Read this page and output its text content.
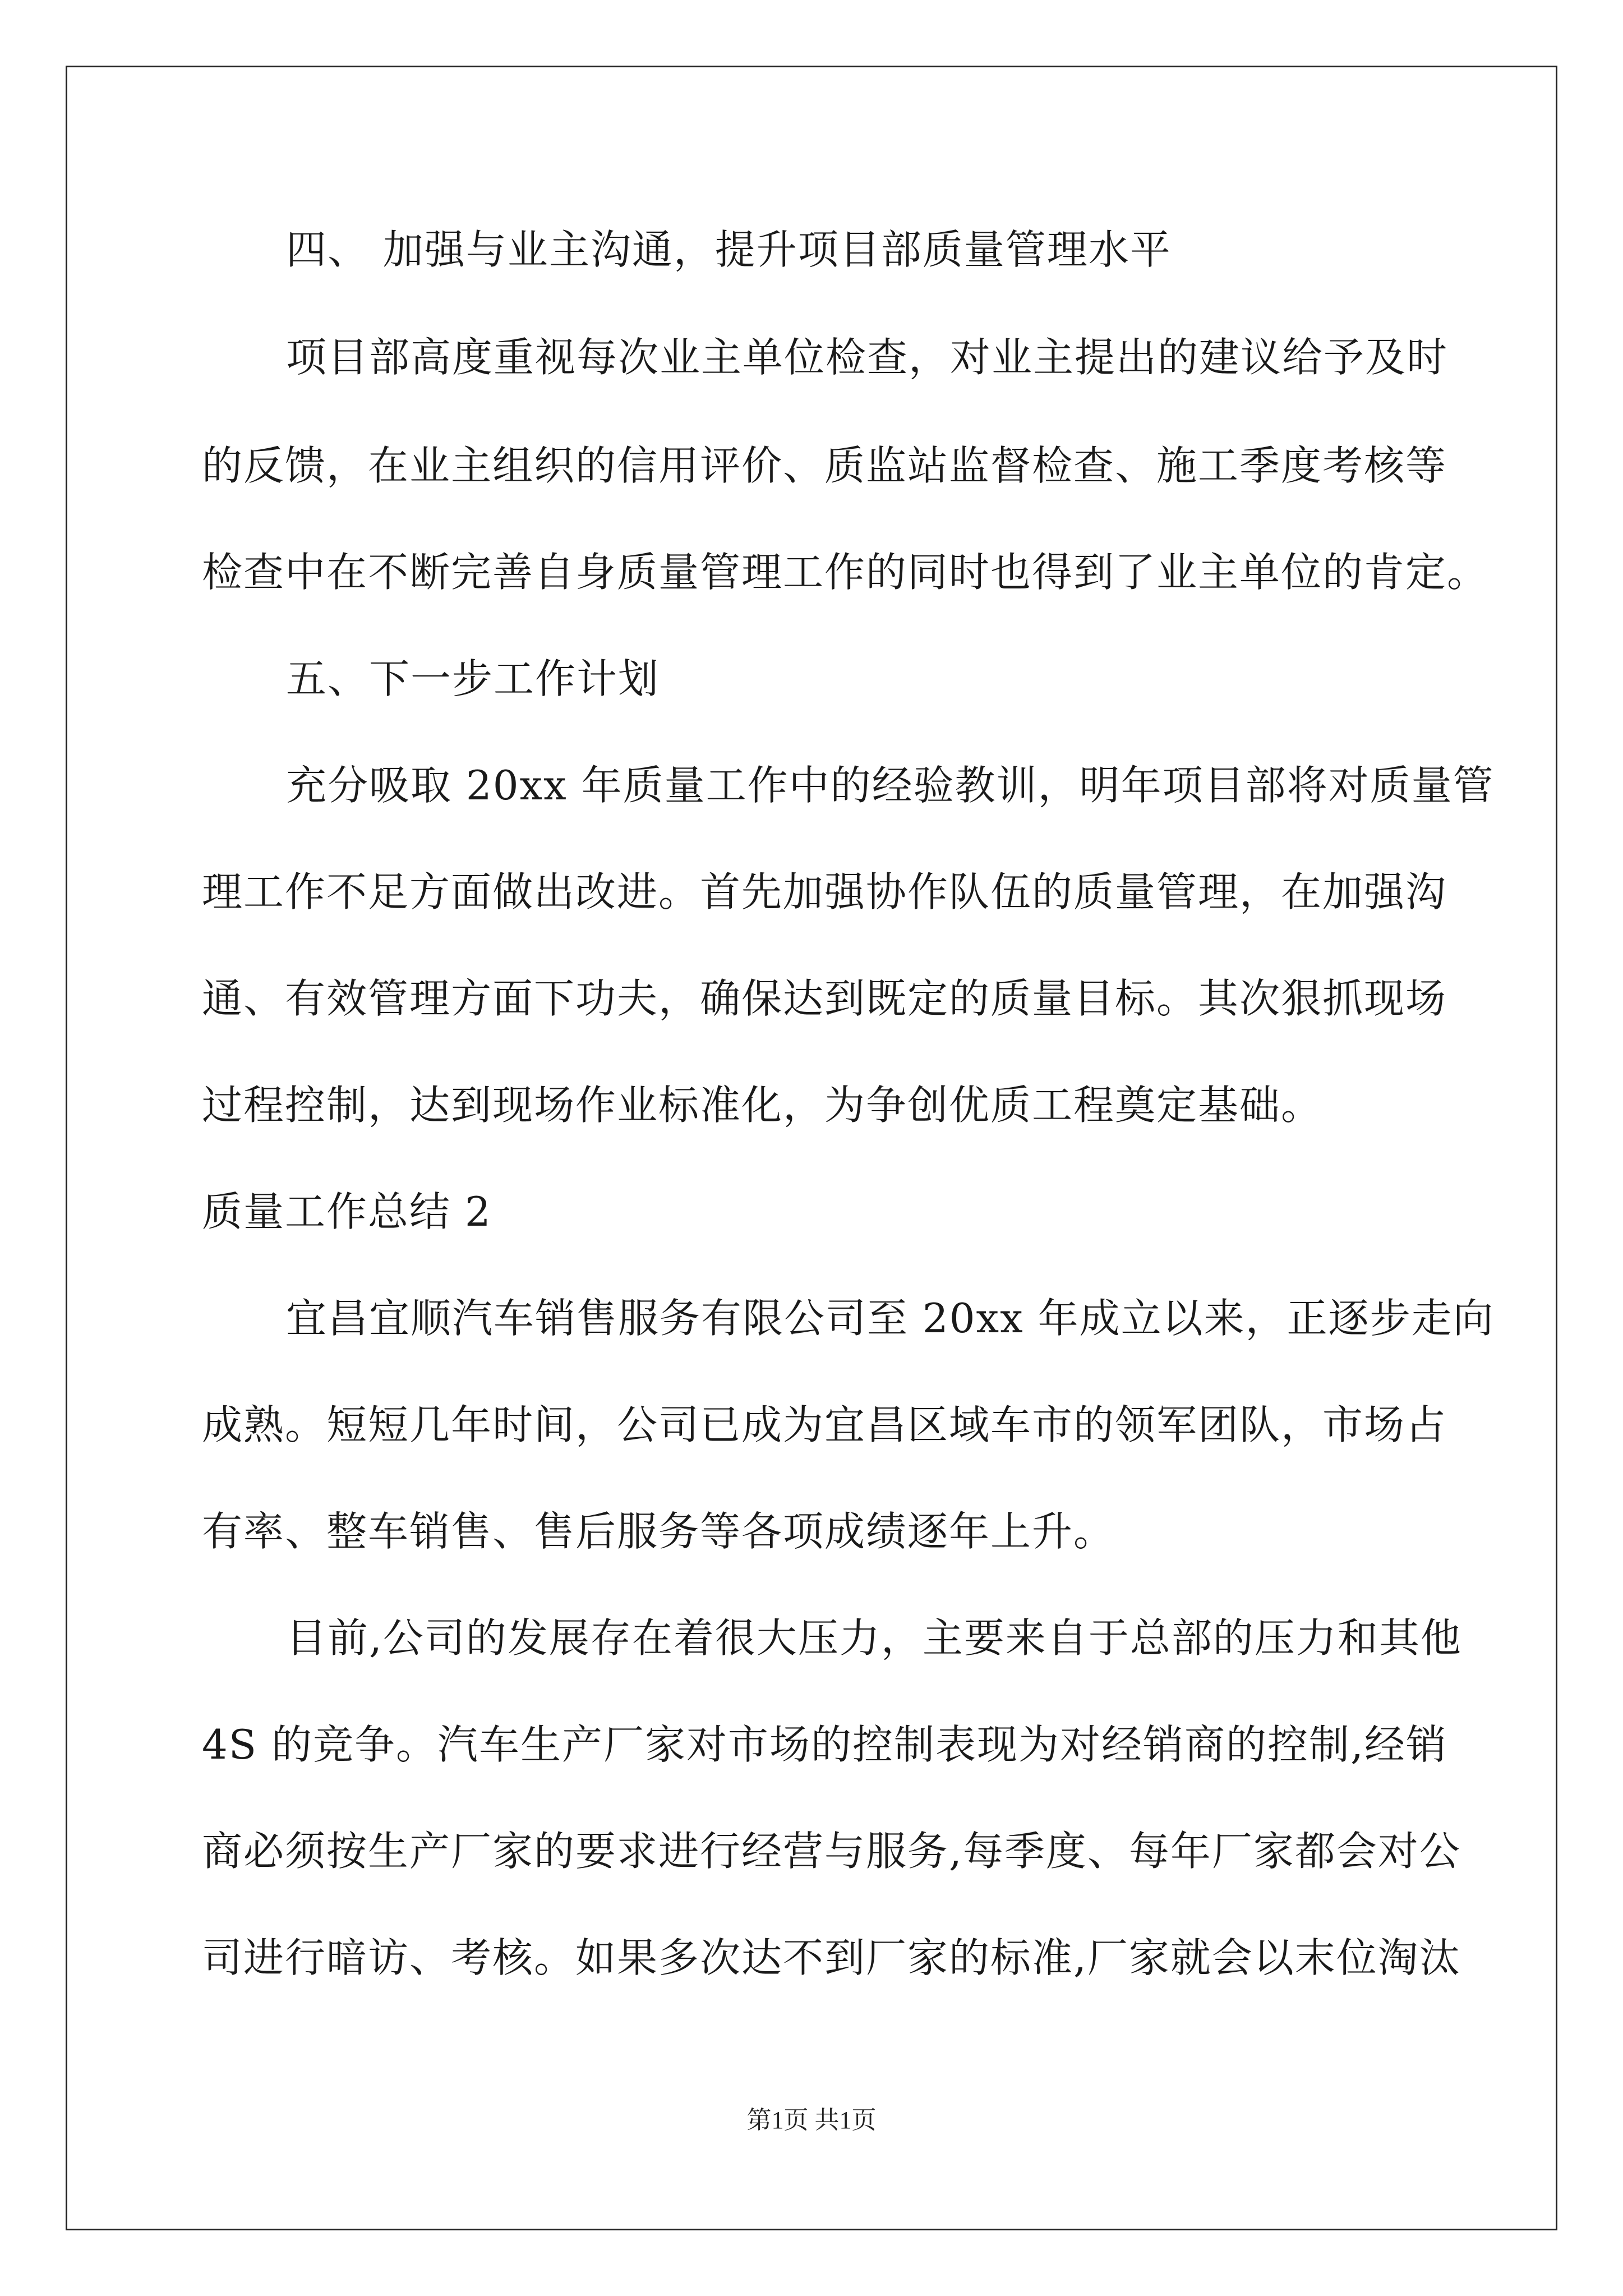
四、 加强与业主沟通，提升项目部质量管理水平
项目部高度重视每次业主单位检查，对业主提出的建议给予及时
的反馈，在业主组织的信用评价、质监站监督检查、施工季度考核等
检查中在不断完善自身质量管理工作的同时也得到了业主单位的肯定。
五、下一步工作计划
充分吸取 20xx 年质量工作中的经验教训，明年项目部将对质量管
理工作不足方面做出改进。首先加强协作队伍的质量管理，在加强沟
通、有效管理方面下功夫，确保达到既定的质量目标。其次狠抓现场
过程控制，达到现场作业标准化，为争创优质工程奠定基础。
质量工作总结 2
宜昌宜顺汽车销售服务有限公司至 20xx 年成立以来，正逐步走向
成熟。短短几年时间，公司已成为宜昌区域车市的领军团队，市场占
有率、整车销售、售后服务等各项成绩逐年上升。
目前,公司的发展存在着很大压力，主要来自于总部的压力和其他
4S 的竞争。汽车生产厂家对市场的控制表现为对经销商的控制,经销
商必须按生产厂家的要求进行经营与服务,每季度、每年厂家都会对公
司进行暗访、考核。如果多次达不到厂家的标准,厂家就会以末位淘汰
第1页 共1页
